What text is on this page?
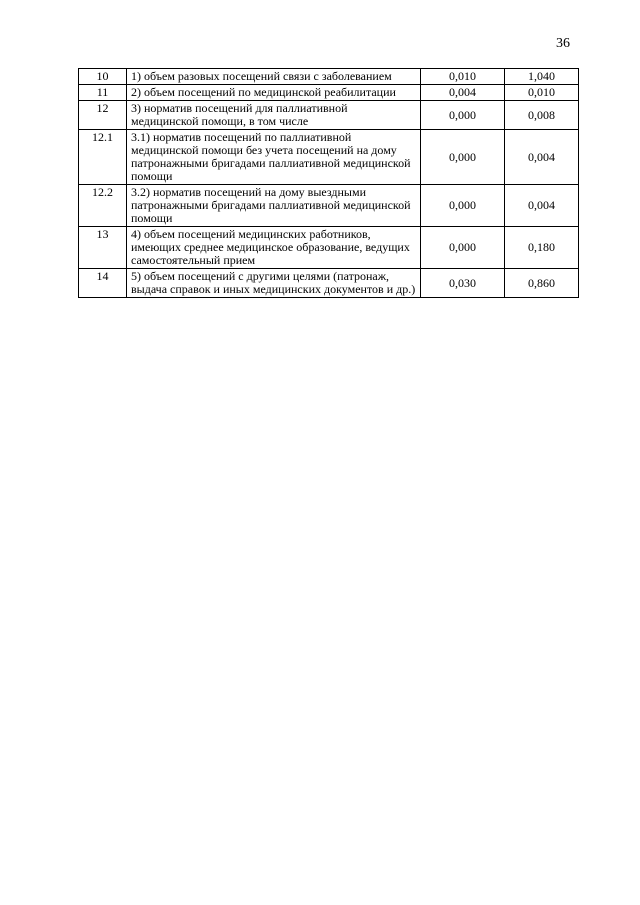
36
10	1) объем разовых посещений связи с заболеванием	0,010	1,040
11	2) объем посещений по медицинской реабилитации	0,004	0,010
12	3) норматив посещений для паллиативной медицинской помощи, в том числе	0,000	0,008
12.1	3.1) норматив посещений по паллиативной медицинской помощи без учета посещений на дому патронажными бригадами паллиативной медицинской помощи	0,000	0,004
12.2	3.2) норматив посещений на дому выездными патронажными бригадами паллиативной медицинской помощи	0,000	0,004
13	4) объем посещений медицинских работников, имеющих среднее медицинское образование, ведущих самостоятельный прием	0,000	0,180
14	5) объем посещений с другими целями (патронаж, выдача справок и иных медицинских документов и др.)	0,030	0,860
